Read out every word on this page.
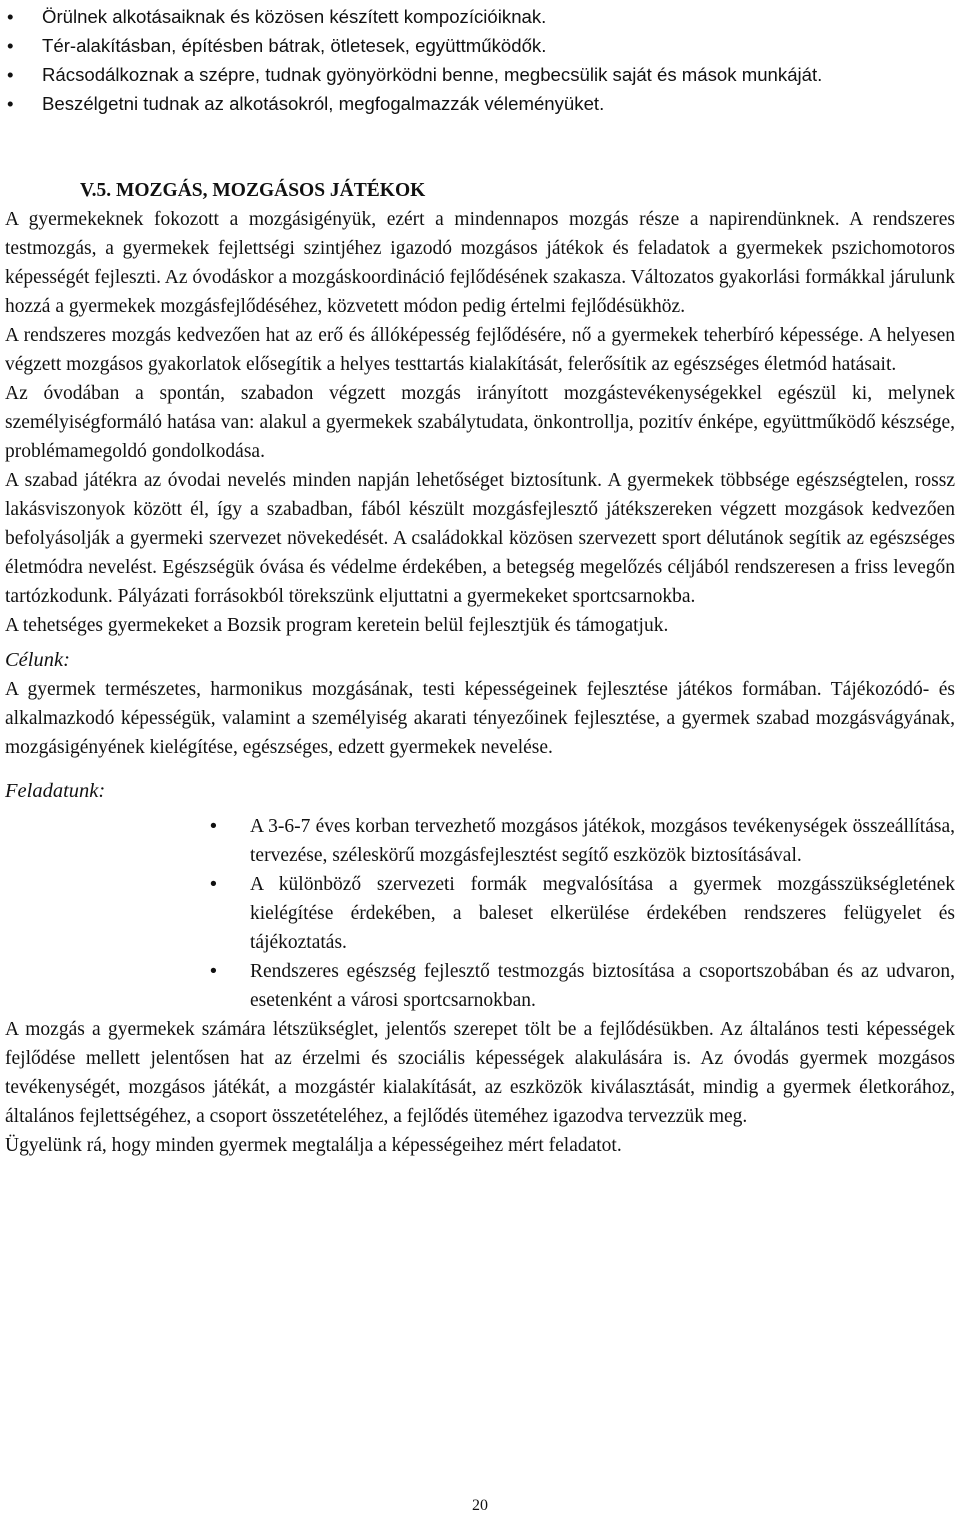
• Örülnek alkotásaiknak és közösen készített kompozícióiknak.
• Tér-alakításban, építésben bátrak, ötletesek, együttműködők.
• Rácsodálkoznak a szépre, tudnak gyönyörködni benne, megbecsülik saját és mások munkáját.
• Beszélgetni tudnak az alkotásokról, megfogalmazzák véleményüket.
V.5. MOZGÁS, MOZGÁSOS JÁTÉKOK

A gyermekeknek fokozott a mozgásigényük, ezért a mindennapos mozgás része a napirendünknek. A rendszeres testmozgás, a gyermekek fejlettségi szintjéhez igazodó mozgásos játékok és feladatok a gyermekek pszichomotoros képességét fejleszti. Az óvodáskor a mozgáskoordináció fejlődésének szakasza. Változatos gyakorlási formákkal járulunk hozzá a gyermekek mozgásfejlődéséhez, közvetett módon pedig értelmi fejlődésükhöz.

A rendszeres mozgás kedvezően hat az erő és állóképesség fejlődésére, nő a gyermekek teherbíró képessége. A helyesen végzett mozgásos gyakorlatok elősegítik a helyes testtartás kialakítását, felerősítik az egészséges életmód hatásait.

Az óvodában a spontán, szabadon végzett mozgás irányított mozgástevékenységekkel egészül ki, melynek személyiségformáló hatása van: alakul a gyermekek szabálytudata, önkontrollja, pozitív énképe, együttműködő készsége, problémamegoldó gondolkodása.

A szabad játékra az óvodai nevelés minden napján lehetőséget biztosítunk. A gyermekek többsége egészségtelen, rossz lakásviszonyok között él, így a szabadban, fából készült mozgásfejlesztő játékszereken végzett mozgások kedvezően befolyásolják a gyermeki szervezet növekedését. A családokkal közösen szervezett sport délutánok segítik az egészséges életmódra nevelést. Egészségük óvása és védelme érdekében, a betegség megelőzés céljából rendszeresen a friss levegőn tartózkodunk. Pályázati forrásokból törekszünk eljuttatni a gyermekeket sportcsarnokba.

A tehetséges gyermekeket a Bozsik program keretein belül fejlesztjük és támogatjuk.

Célunk:

A gyermek természetes, harmonikus mozgásának, testi képességeinek fejlesztése játékos formában. Tájékozódó- és alkalmazkodó képességük, valamint a személyiség akarati tényezőinek fejlesztése, a gyermek szabad mozgásvágyának, mozgásigényének kielégítése, egészséges, edzett gyermekek nevelése.

Feladatunk:

• A 3-6-7 éves korban tervezhető mozgásos játékok, mozgásos tevékenységek összeállítása, tervezése, széleskörű mozgásfejlesztést segítő eszközök biztosításával.
• A különböző szervezeti formák megvalósítása a gyermek mozgásszükségletének kielégítése érdekében, a baleset elkerülése érdekében rendszeres felügyelet és tájékoztatás.
• Rendszeres egészség fejlesztő testmozgás biztosítása a csoportszobában és az udvaron, esetenként a városi sportcsarnokban.

A mozgás a gyermekek számára létszükséglet, jelentős szerepet tölt be a fejlődésükben. Az általános testi képességek fejlődése mellett jelentősen hat az érzelmi és szociális képességek alakulására is. Az óvodás gyermek mozgásos tevékenységét, mozgásos játékát, a mozgástér kialakítását, az eszközök kiválasztását, mindig a gyermek életkorához, általános fejlettségéhez, a csoport összetételéhez, a fejlődés üteméhez igazodva tervezzük meg.

Ügyelünk rá, hogy minden gyermek megtalálja a képességeihez mért feladatot.

20
